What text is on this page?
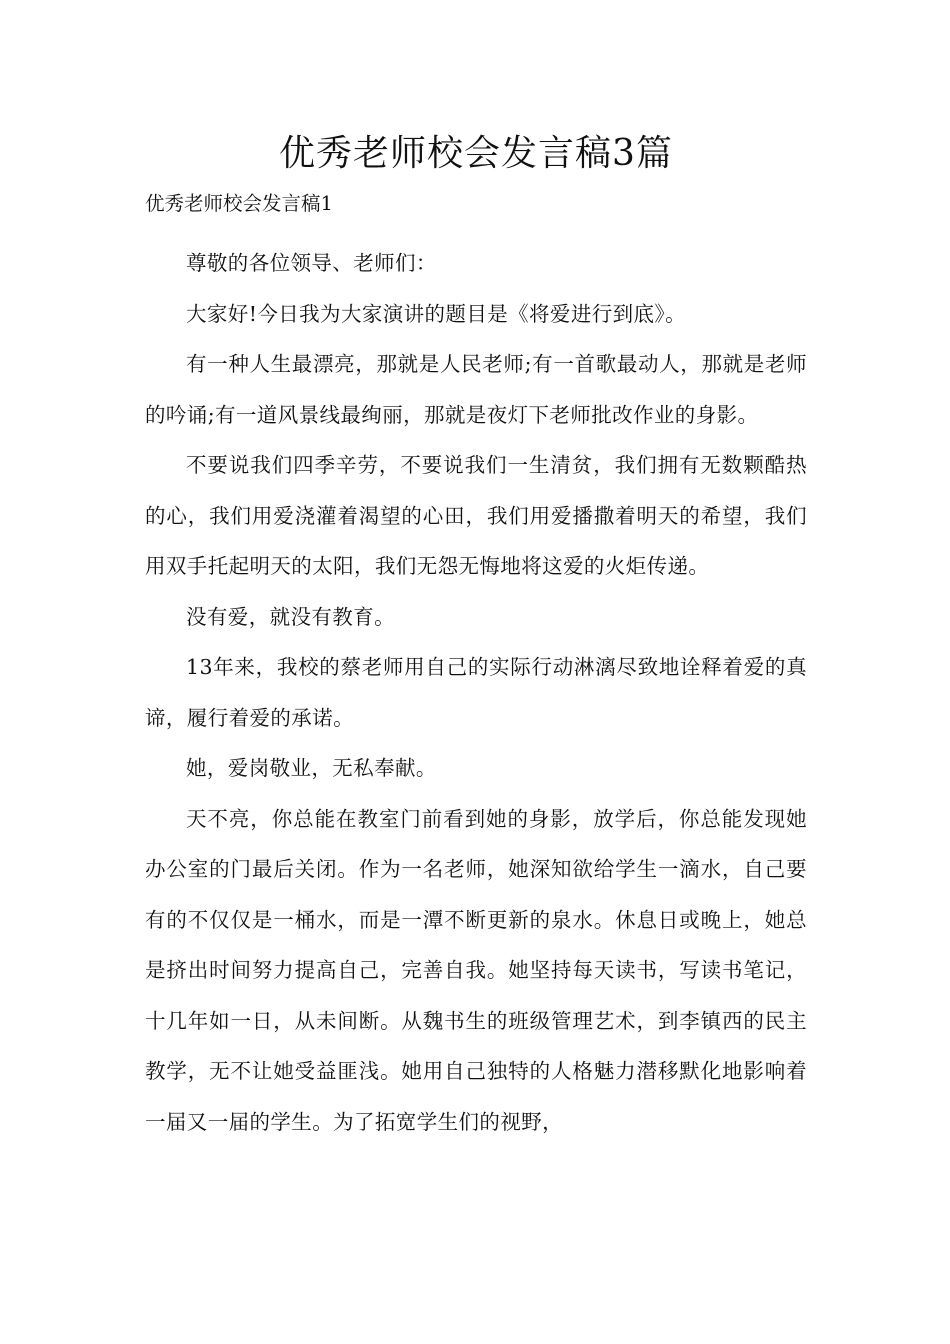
优秀老师校会发言稿3篇
优秀老师校会发言稿1

尊敬的各位领导、老师们：

大家好!今日我为大家演讲的题目是《将爱进行到底》。

有一种人生最漂亮，那就是人民老师;有一首歌最动人，那就是老师的吟诵;有一道风景线最绚丽，那就是夜灯下老师批改作业的身影。

不要说我们四季辛劳，不要说我们一生清贫，我们拥有无数颗酷热的心，我们用爱浇灌着渴望的心田，我们用爱播撒着明天的希望，我们用双手托起明天的太阳，我们无怨无悔地将这爱的火炬传递。

没有爱，就没有教育。

13年来，我校的蔡老师用自己的实际行动淋漓尽致地诠释着爱的真谛，履行着爱的承诺。

她，爱岗敬业，无私奉献。

天不亮，你总能在教室门前看到她的身影，放学后，你总能发现她办公室的门最后关闭。作为一名老师，她深知欲给学生一滴水，自己要有的不仅仅是一桶水，而是一潭不断更新的泉水。休息日或晚上，她总是挤出时间努力提高自己，完善自我。她坚持每天读书，写读书笔记，十几年如一日，从未间断。从魏书生的班级管理艺术，到李镇西的民主教学，无不让她受益匪浅。她用自己独特的人格魅力潜移默化地影响着一届又一届的学生。为了拓宽学生们的视野，
